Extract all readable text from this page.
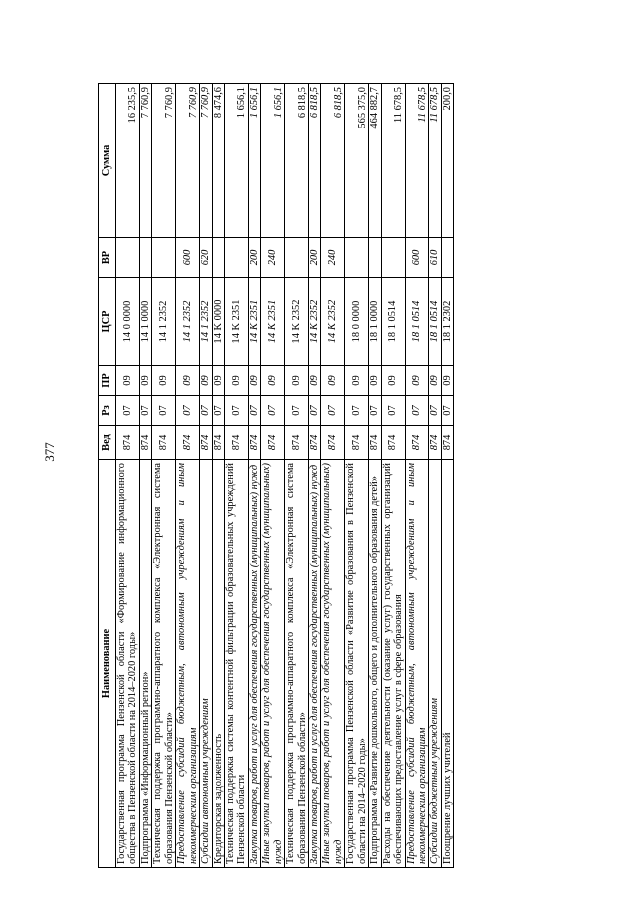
377
Наименование	Вед	Рз	ПР	ЦСР	ВР	Сумма
Государственная программа Пензенской области «Формирование информационного общества в Пензенской области на 2014–2020 годы»	874	07	09	14 0 0000		16 235,5
Подпрограмма «Информационный регион»	874	07	09	14 1 0000		7 760,9
Техническая поддержка программно-аппаратного комплекса «Электронная система образования Пензенской области»	874	07	09	14 1 2352		7 760,9
Предоставление субсидий бюджетным, автономным учреждениям и иным некоммерческим организациям	874	07	09	14 1 2352	600	7 760,9
Субсидии автономным учреждениям	874	07	09	14 1 2352	620	7 760,9
Кредиторская задолженность	874	07	09	14 K 0000		8 474,6
Техническая поддержка системы контентной фильтрации образовательных учреждений Пензенской области	874	07	09	14 K 2351		1 656,1
Закупка товаров, работ и услуг для обеспечения государственных (муниципальных) нужд	874	07	09	14 K 2351	200	1 656,1
Иные закупки товаров, работ и услуг для обеспечения государственных (муниципальных) нужд	874	07	09	14 K 2351	240	1 656,1
Техническая поддержка программно-аппаратного комплекса «Электронная система образования Пензенской области»	874	07	09	14 K 2352		6 818,5
Закупка товаров, работ и услуг для обеспечения государственных (муниципальных) нужд	874	07	09	14 K 2352	200	6 818,5
Иные закупки товаров, работ и услуг для обеспечения государственных (муниципальных) нужд	874	07	09	14 K 2352	240	6 818,5
Государственная программа Пензенской области «Развитие образования в Пензенской области на 2014–2020 годы»	874	07	09	18 0 0000		565 375,0
Подпрограмма «Развитие дошкольного, общего и дополнительного образования детей»	874	07	09	18 1 0000		464 882,7
Расходы на обеспечение деятельности (оказание услуг) государственных организаций обеспечивающих предоставление услуг в сфере образования	874	07	09	18 1 0514		11 678,5
Предоставление субсидий бюджетным, автономным учреждениям и иным некоммерческим организациям	874	07	09	18 1 0514	600	11 678,5
Субсидии бюджетным учреждениям	874	07	09	18 1 0514	610	11 678,5
Поощрение лучших учителей	874	07	09	18 1 2302		200,0
